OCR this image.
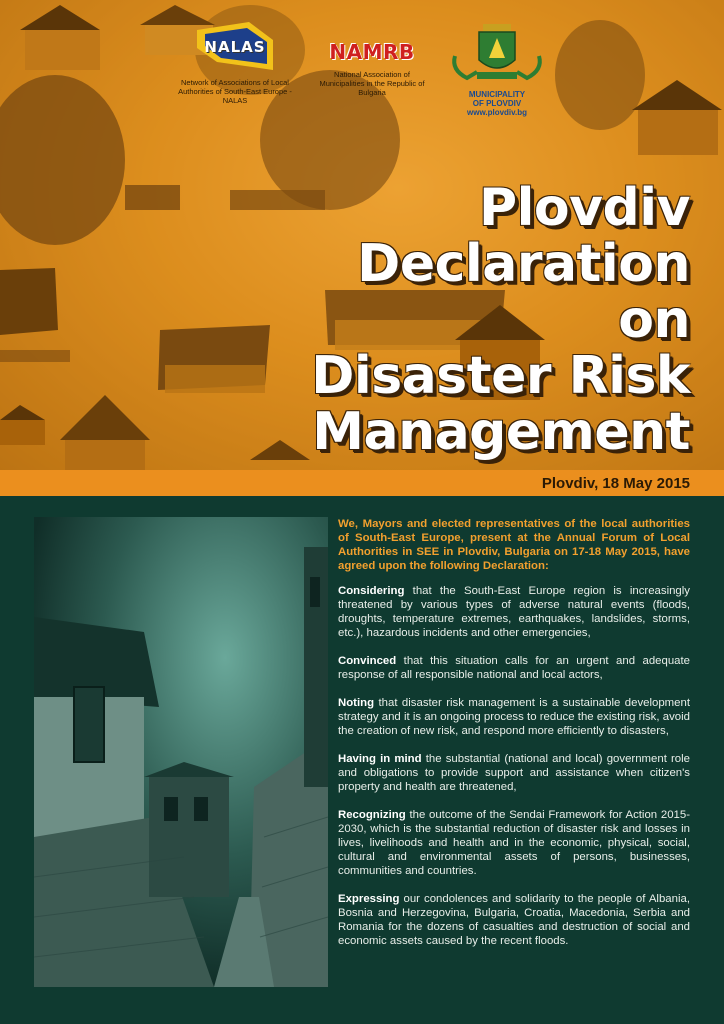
NALAS
Network of Associations of Local Authorities of South-East Europe - NALAS
NAMRB
National Association of Municipalities in the Republic of Bulgaria	MUNICIPALITY
OF PLOVDIV
www.plovdiv.bg
Plovdiv
Declaration
on
Disaster Risk
Management
Plovdiv, 18 May 2015

We, Mayors and elected representatives of the local authorities of South-East Europe, present at the Annual Forum of Local Authorities in SEE in Plovdiv, Bulgaria on 17-18 May 2015, have agreed upon the following Declaration:

Considering that the South-East Europe region is increasingly threatened by various types of adverse natural events (floods, droughts, temperature extremes, earthquakes, landslides, storms, etc.), hazardous incidents and other emergencies,

Convinced that this situation calls for an urgent and adequate response of all responsible national and local actors,

Noting that disaster risk management is a sustainable development strategy and it is an ongoing process to reduce the existing risk, avoid the creation of new risk, and respond more efficiently to disasters,

Having in mind the substantial (national and local) government role and obligations to provide support and assistance when citizen's property and health are threatened,

Recognizing the outcome of the Sendai Framework for Action 2015-2030, which is the substantial reduction of disaster risk and losses in lives, livelihoods and health and in the economic, physical, social, cultural and environmental assets of persons, businesses, communities and countries.

Expressing our condolences and solidarity to the people of Albania, Bosnia and Herzegovina, Bulgaria, Croatia, Macedonia, Serbia and Romania for the dozens of casualties and destruction of social and economic assets caused by the recent floods.
